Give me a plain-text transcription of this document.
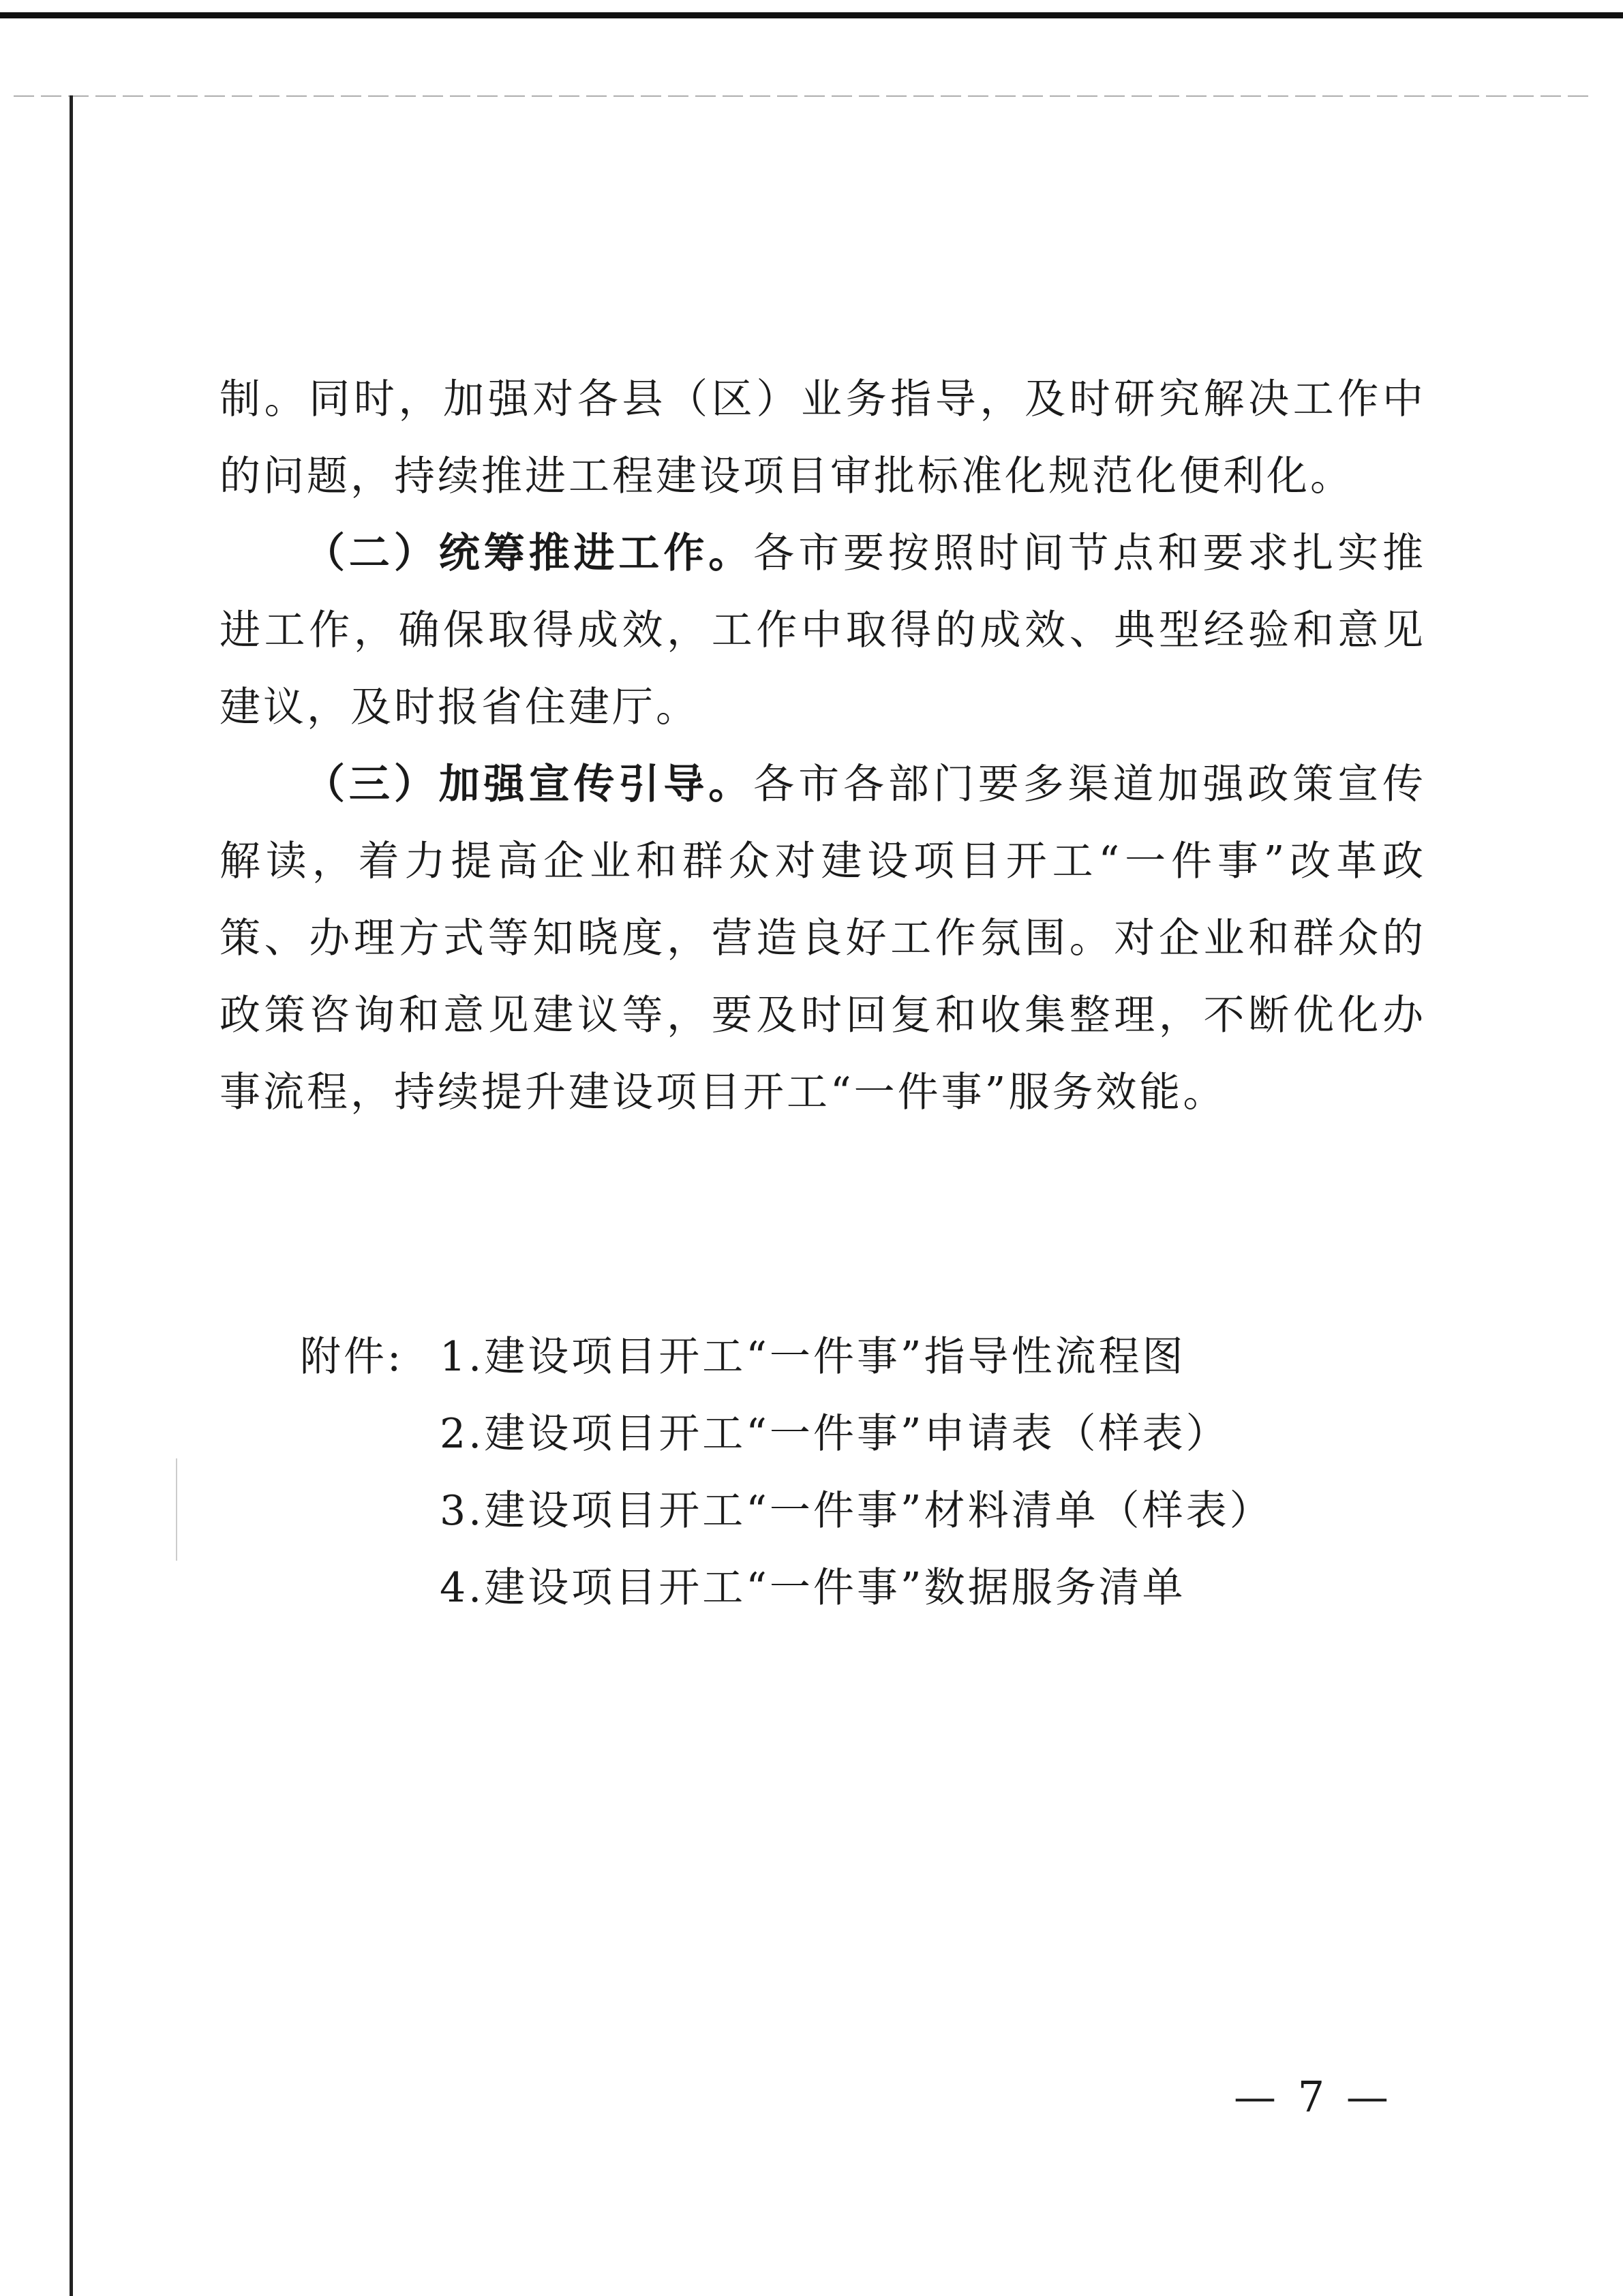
制。同时，加强对各县（区）业务指导，及时研究解决工作中的问题，持续推进工程建设项目审批标准化规范化便利化。

（二）统筹推进工作。各市要按照时间节点和要求扎实推进工作，确保取得成效，工作中取得的成效、典型经验和意见建议，及时报省住建厅。

（三）加强宣传引导。各市各部门要多渠道加强政策宣传解读，着力提高企业和群众对建设项目开工“一件事”改革政策、办理方式等知晓度，营造良好工作氛围。对企业和群众的政策咨询和意见建议等，要及时回复和收集整理，不断优化办事流程，持续提升建设项目开工“一件事”服务效能。

附件: 1.建设项目开工“一件事”指导性流程图
2.建设项目开工“一件事”申请表（样表）
3.建设项目开工“一件事”材料清单（样表）
4.建设项目开工“一件事”数据服务清单
— 7 —
